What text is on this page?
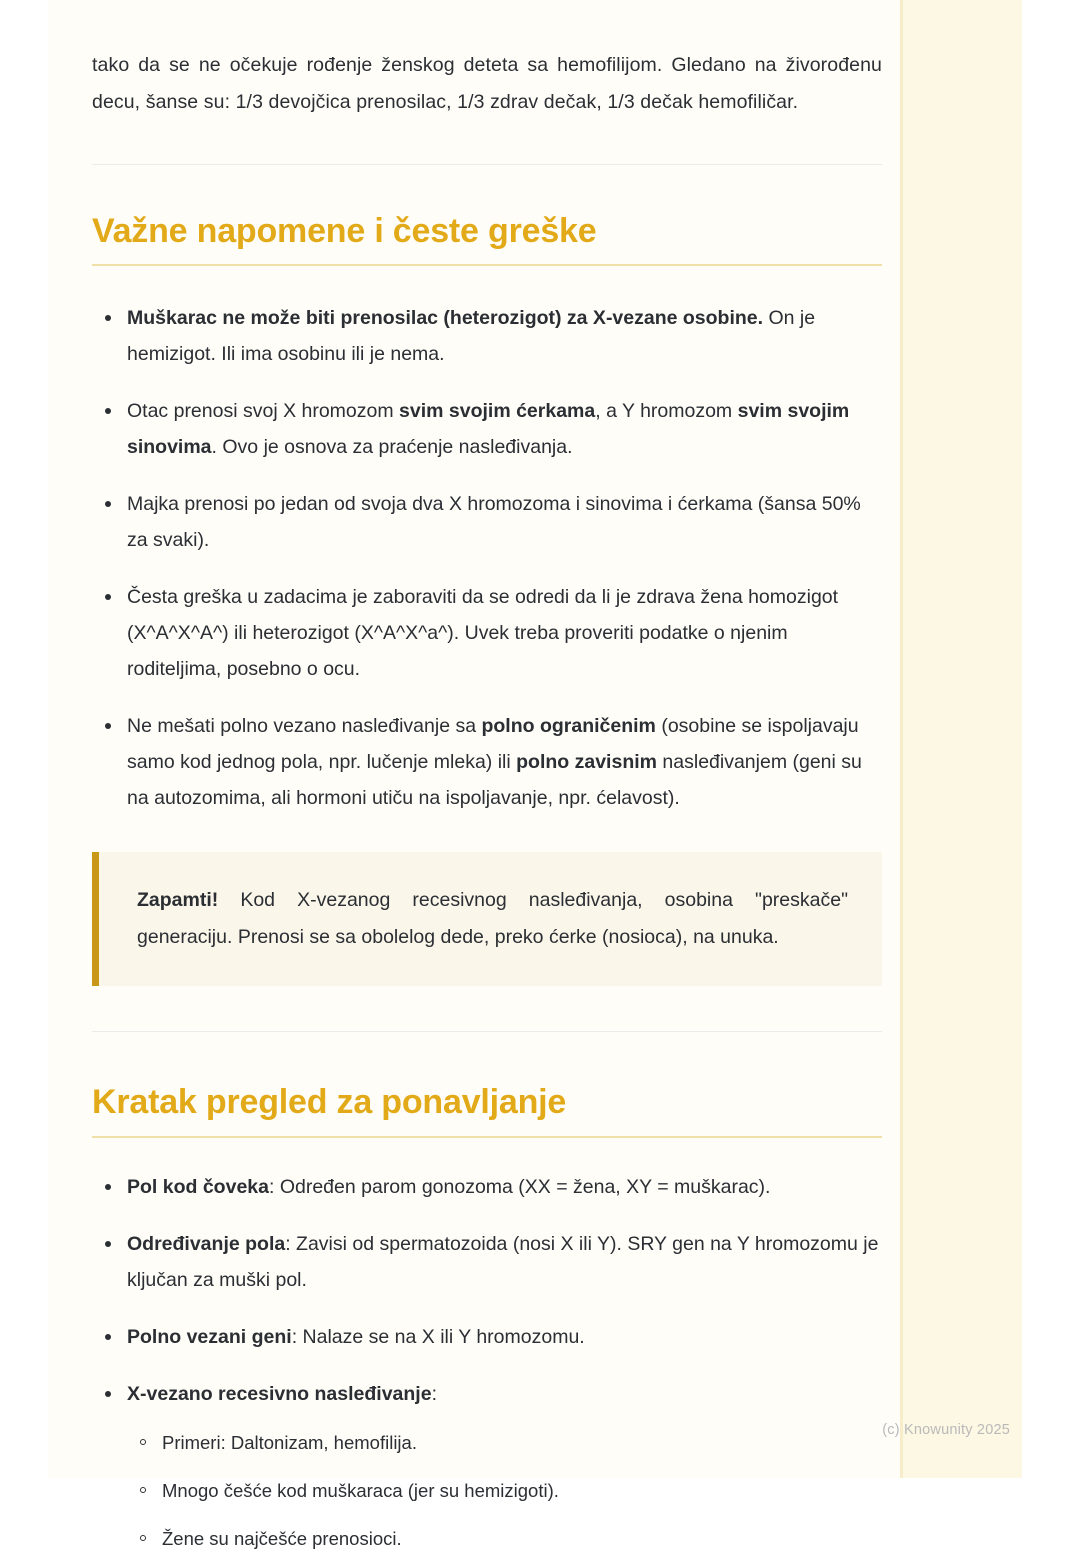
tako da se ne očekuje rođenje ženskog deteta sa hemofilijom. Gledano na živorođenu decu, šanse su: 1/3 devojčica prenosilac, 1/3 zdrav dečak, 1/3 dečak hemofiličar.

Važne napomene i česte greške
Muškarac ne može biti prenosilac (heterozigot) za X-vezane osobine. On je hemizigot. Ili ima osobinu ili je nema.
Otac prenosi svoj X hromozom svim svojim ćerkama, a Y hromozom svim svojim sinovima. Ovo je osnova za praćenje nasleđivanja.
Majka prenosi po jedan od svoja dva X hromozoma i sinovima i ćerkama (šansa 50% za svaki).
Česta greška u zadacima je zaboraviti da se odredi da li je zdrava žena homozigot (X^A^X^A^) ili heterozigot (X^A^X^a^). Uvek treba proveriti podatke o njenim roditeljima, posebno o ocu.
Ne mešati polno vezano nasleđivanje sa polno ograničenim (osobine se ispoljavaju samo kod jednog pola, npr. lučenje mleka) ili polno zavisnim nasleđivanjem (geni su na autozomima, ali hormoni utiču na ispoljavanje, npr. ćelavost).

Zapamti! Kod X-vezanog recesivnog nasleđivanja, osobina "preskače" generaciju. Prenosi se sa obolelog dede, preko ćerke (nosioca), na unuka.

Kratak pregled za ponavljanje
Pol kod čoveka: Određen parom gonozoma (XX = žena, XY = muškarac).
Određivanje pola: Zavisi od spermatozoida (nosi X ili Y). SRY gen na Y hromozomu je ključan za muški pol.
Polno vezani geni: Nalaze se na X ili Y hromozomu.
X-vezano recesivno nasleđivanje:
Primeri: Daltonizam, hemofilija.
Mnogo češće kod muškaraca (jer su hemizigoti).
Žene su najčešće prenosioci.
(c) Knowunity 2025
